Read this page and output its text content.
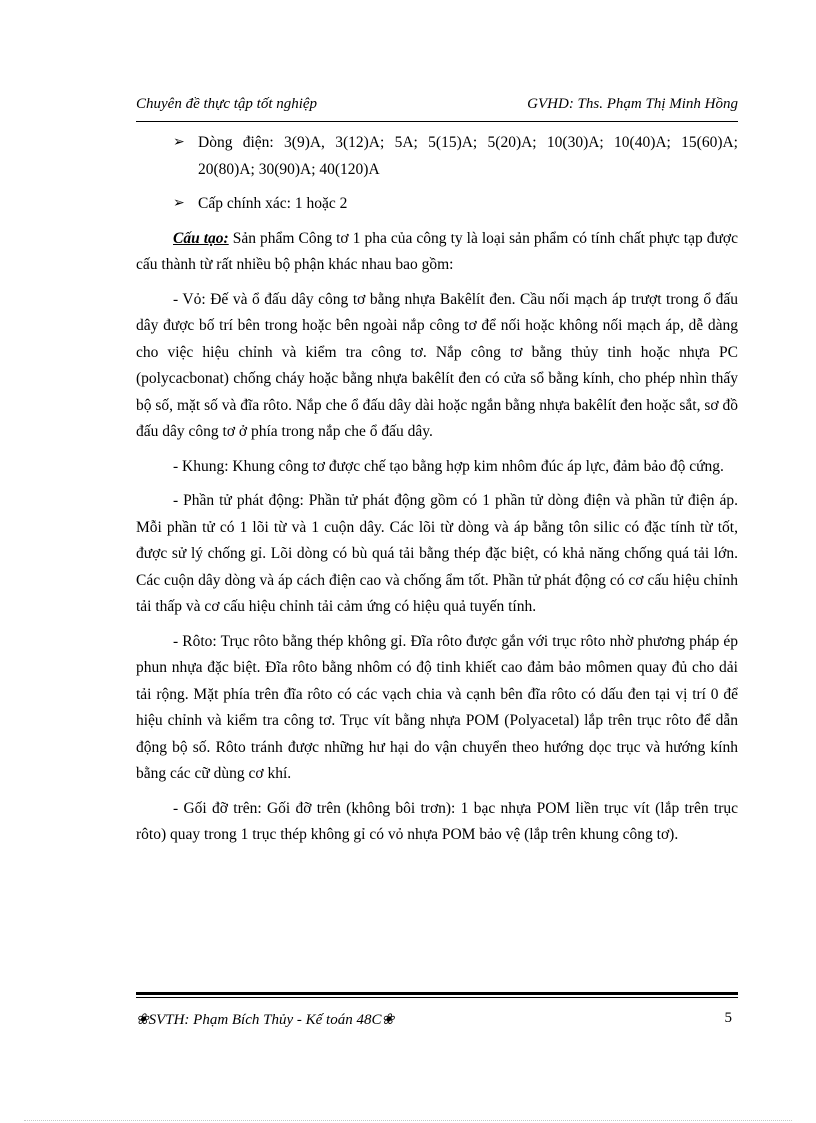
Chuyên đề thực tập tốt nghiệp	GVHD: Ths. Phạm Thị Minh Hồng
➢ Dòng điện: 3(9)A, 3(12)A; 5A; 5(15)A; 5(20)A; 10(30)A; 10(40)A; 15(60)A; 20(80)A; 30(90)A; 40(120)A
➢ Cấp chính xác: 1 hoặc 2

Cấu tạo: Sản phẩm Công tơ 1 pha của công ty là loại sản phẩm có tính chất phực tạp được cấu thành từ rất nhiều bộ phận khác nhau bao gồm:

- Vỏ: Đế và ổ đấu dây công tơ bằng nhựa Bakêlít đen. Cầu nối mạch áp trượt trong ổ đấu dây được bố trí bên trong hoặc bên ngoài nắp công tơ để nối hoặc không nối mạch áp, dễ dàng cho việc hiệu chỉnh và kiểm tra công tơ. Nắp công tơ bằng thủy tinh hoặc nhựa PC (polycacbonat) chống cháy hoặc bằng nhựa bakêlít đen có cửa sổ bằng kính, cho phép nhìn thấy bộ số, mặt số và đĩa rôto. Nắp che ổ đấu dây dài hoặc ngắn bằng nhựa bakêlít đen hoặc sắt, sơ đồ đấu dây công tơ ở phía trong nắp che ổ đấu dây.

- Khung: Khung công tơ được chế tạo bằng hợp kim nhôm đúc áp lực, đảm bảo độ cứng.

- Phần tử phát động: Phần tử phát động gồm có 1 phần tử dòng điện và phần tử điện áp. Mỗi phần tử có 1 lõi từ và 1 cuộn dây. Các lõi từ dòng và áp bằng tôn silic có đặc tính từ tốt, được sử lý chống gỉ. Lõi dòng có bù quá tải bằng thép đặc biệt, có khả năng chống quá tải lớn. Các cuộn dây dòng và áp cách điện cao và chống ẩm tốt. Phần tử phát động có cơ cấu hiệu chỉnh tải thấp và cơ cấu hiệu chỉnh tải cảm ứng có hiệu quả tuyến tính.

- Rôto: Trục rôto bằng thép không gỉ. Đĩa rôto được gắn với trục rôto nhờ phương pháp ép phun nhựa đặc biệt. Đĩa rôto bằng nhôm có độ tinh khiết cao đảm bảo mômen quay đủ cho dải tải rộng. Mặt phía trên đĩa rôto có các vạch chia và cạnh bên đĩa rôto có dấu đen tại vị trí 0 để hiệu chỉnh và kiểm tra công tơ. Trục vít bằng nhựa POM (Polyacetal) lắp trên trục rôto để dẫn động bộ số. Rôto tránh được những hư hại do vận chuyển theo hướng dọc trục và hướng kính bằng các cữ dùng cơ khí.

- Gối đỡ trên: Gối đỡ trên (không bôi trơn): 1 bạc nhựa POM liền trục vít (lắp trên trục rôto) quay trong 1 trục thép không gỉ có vỏ nhựa POM bảo vệ (lắp trên khung công tơ).

❀SVTH: Phạm Bích Thủy - Kế toán 48C❀	5
